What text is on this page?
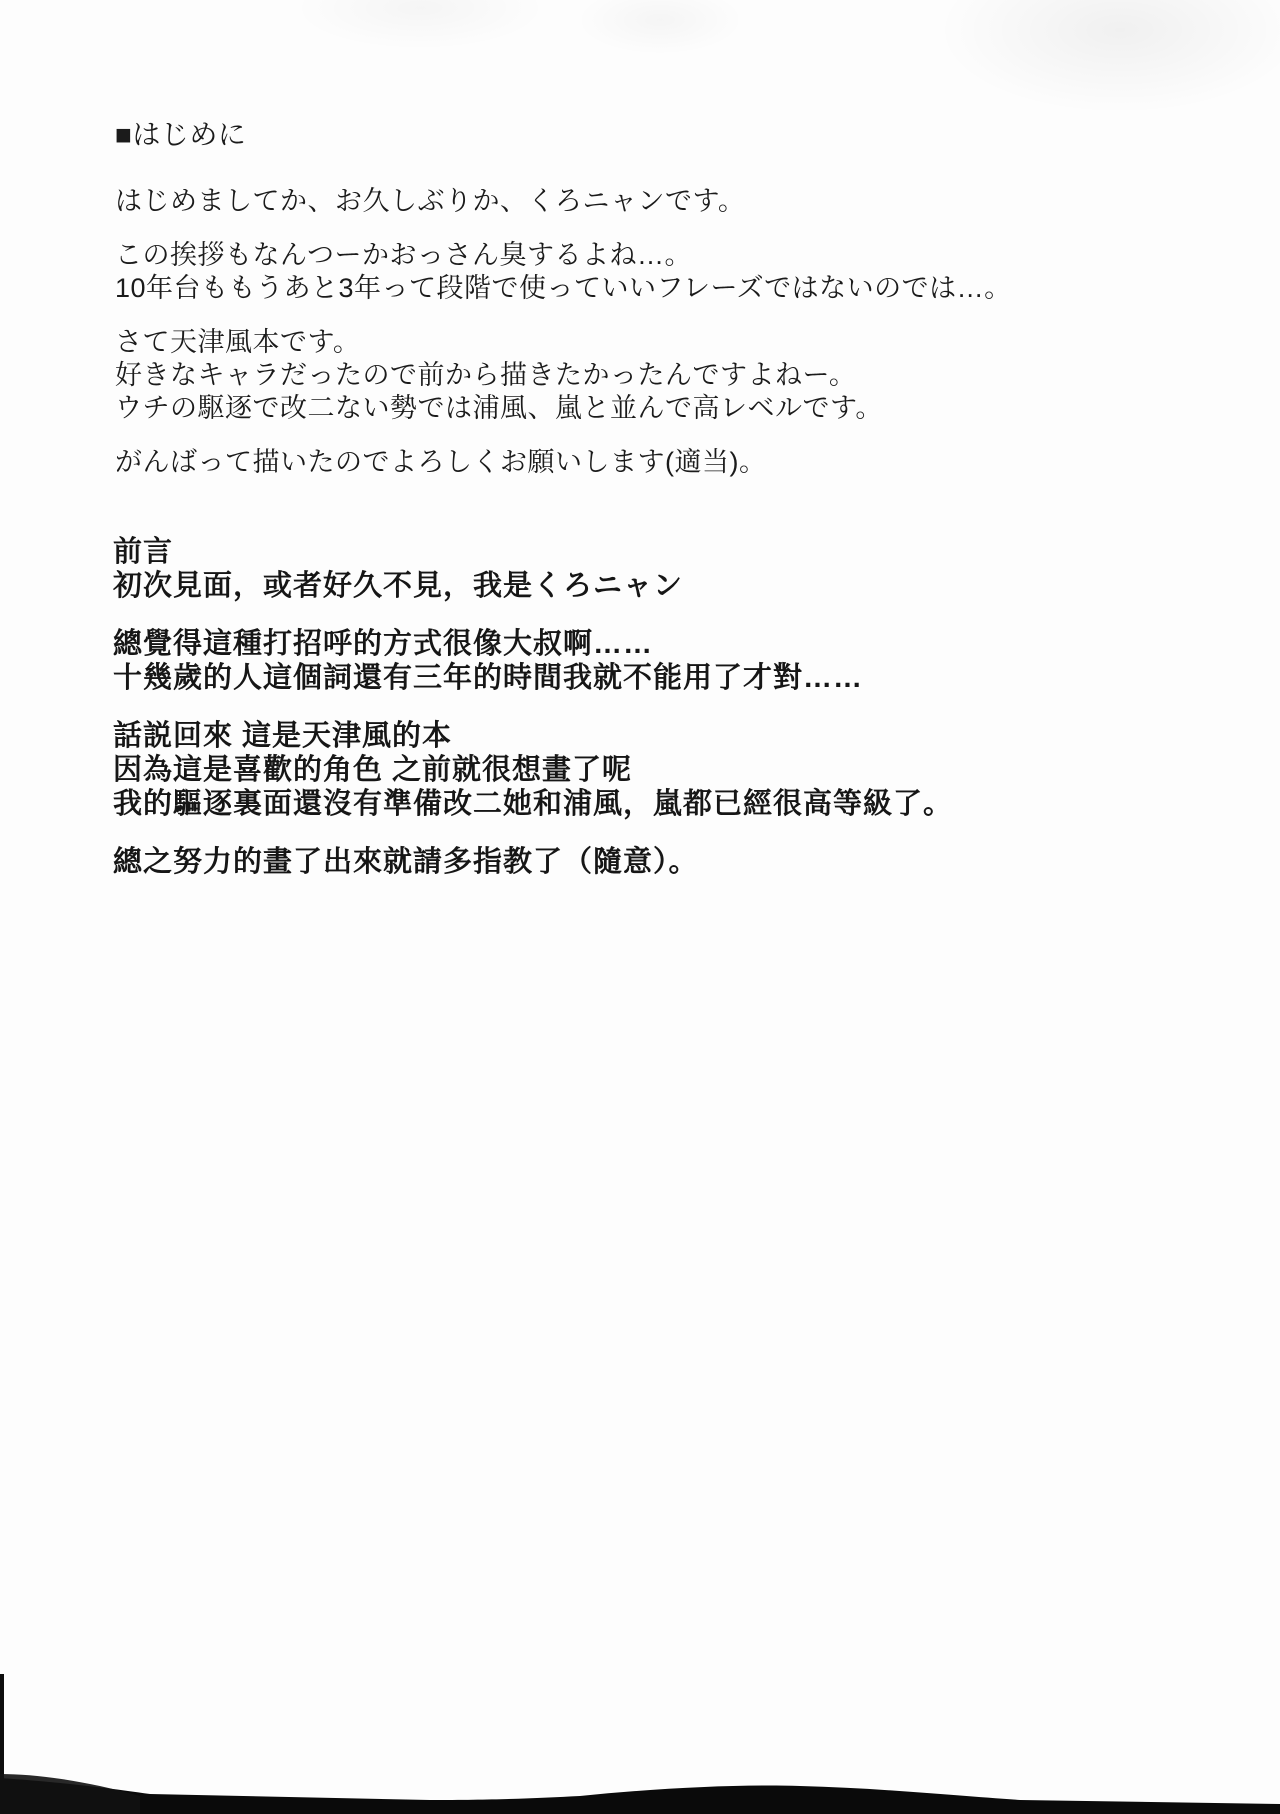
■はじめに
はじめましてか、お久しぶりか、くろニャンです。
この挨拶もなんつーかおっさん臭するよね…。
10年台ももうあと3年って段階で使っていいフレーズではないのでは…。
さて天津風本です。
好きなキャラだったので前から描きたかったんですよねー。
ウチの駆逐で改二ない勢では浦風、嵐と並んで高レベルです。
がんばって描いたのでよろしくお願いします(適当)。
前言
初次見面，或者好久不見，我是くろニャン
總覺得這種打招呼的方式很像大叔啊……
十幾歲的人這個詞還有三年的時間我就不能用了才對……
話説回來 這是天津風的本
因為這是喜歡的角色 之前就很想畫了呢
我的驅逐裏面還沒有準備改二她和浦風，嵐都已經很高等級了。
總之努力的畫了出來就請多指教了（隨意）。
